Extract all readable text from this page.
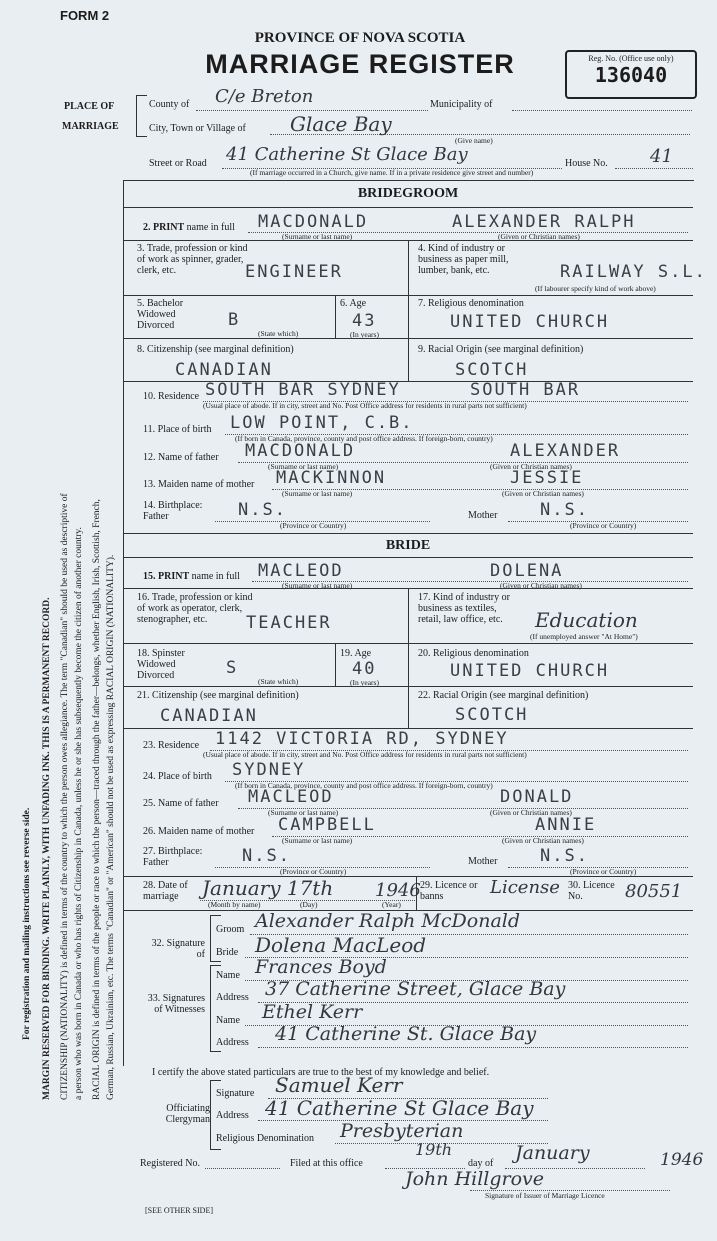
FORM 2
PROVINCE OF NOVA SCOTIA
MARRIAGE REGISTER	Reg. No. (Office use only)
136040
PLACE OF
MARRIAGE
County of C/e Breton	Municipality of
City, Town or Village of Glace Bay
(Give name)
Street or Road 41 Catherine St Glace Bay	House No. 41
(If marriage occurred in a Church, give name. If in a private residence give street and number)
BRIDEGROOM
2. PRINT name in full MACDONALD	ALEXANDER RALPH
(Surname or last name)	(Given or Christian names)
3. Trade, profession or kind of work as spinner, grader, clerk, etc.	ENGINEER
4. Kind of industry or business as paper mill, lumber, bank, etc.	RAILWAY S.L.
(If labourer specify kind of work above)
5. Bachelor Widowed Divorced	B
(State which)
6. Age
43
(In years)
7. Religious denomination
UNITED CHURCH
8. Citizenship (see marginal definition)
CANADIAN
9. Racial Origin (see marginal definition)
SCOTCH
10. Residence SOUTH BAR SYDNEY	SOUTH BAR
(Usual place of abode. If in city, street and No. Post Office address for residents in rural parts not sufficient)
11. Place of birth LOW POINT, C.B.
(If born in Canada, province, county and post office address. If foreign-born, country)
12. Name of father MACDONALD	ALEXANDER
(Surname or last name)	(Given or Christian names)
13. Maiden name of mother MACKINNON	JESSIE
(Surname or last name)	(Given or Christian names)
14. Birthplace: Father	N.S.
(Province or Country)
Mother	N.S.
(Province or Country)
BRIDE
15. PRINT name in full MACLEOD	DOLENA
(Surname or last name)	(Given or Christian names)
16. Trade, profession or kind of work as operator, clerk, stenographer, etc.	TEACHER
17. Kind of industry or business as textiles, retail, law office, etc.	Education
(If unemployed answer "At Home")
18. Spinster Widowed Divorced	S
(State which)
19. Age
40
(In years)
20. Religious denomination
UNITED CHURCH
21. Citizenship (see marginal definition)
CANADIAN
22. Racial Origin (see marginal definition)
SCOTCH
23. Residence 1142 VICTORIA RD, SYDNEY
(Usual place of abode. If in city, street and No. Post Office address for residents in rural parts not sufficient)
24. Place of birth SYDNEY
(If born in Canada, province, county and post office address. If foreign-born, country)
25. Name of father MACLEOD	DONALD
(Surname or last name)	(Given or Christian names)
26. Maiden name of mother CAMPBELL	ANNIE
(Surname or last name)	(Given or Christian names)
27. Birthplace: Father	N.S.
(Province or Country)
Mother	N.S.
(Province or Country)
28. Date of marriage	January 17th 1946
(Month by name)	(Day)	(Year)
29. Licence or banns	License 30. Licence No.	80551
32. Signature of
Groom Alexander Ralph McDonald
Bride Dolena MacLeod
33. Signatures of Witnesses
Name Frances Boyd
Address 37 Catherine Street, Glace Bay
Name Ethel Kerr
Address 41 Catherine St. Glace Bay
I certify the above stated particulars are true to the best of my knowledge and belief.
Officiating Clergyman
Signature Samuel Kerr
Address 41 Catherine St Glace Bay
Religious Denomination Presbyterian
Registered No.	Filed at this office
19th
day of January	1946
John Hillgrove
Signature of Issuer of Marriage Licence
[SEE OTHER SIDE]
For registration and mailing instructions see reverse side. MARGIN RESERVED FOR BINDING. WRITE PLAINLY, WITH UNFADING INK. THIS IS A PERMANENT RECORD. CITIZENSHIP (NATIONALITY) is defined in terms of the country to which the person owes allegiance. The term "Canadian" should be used as descriptive of a person who was born in Canada or who has rights of Citizenship in Canada, unless he or she has subsequently become the citizen of another country. RACIAL ORIGIN is defined in terms of the people or race to which the person—traced through the father—belongs, whether English, Irish, Scottish, French, German, Russian, Ukrainian, etc. The terms "Canadian" or "American" should not be used as expressing RACIAL ORIGIN (NATIONALITY).
